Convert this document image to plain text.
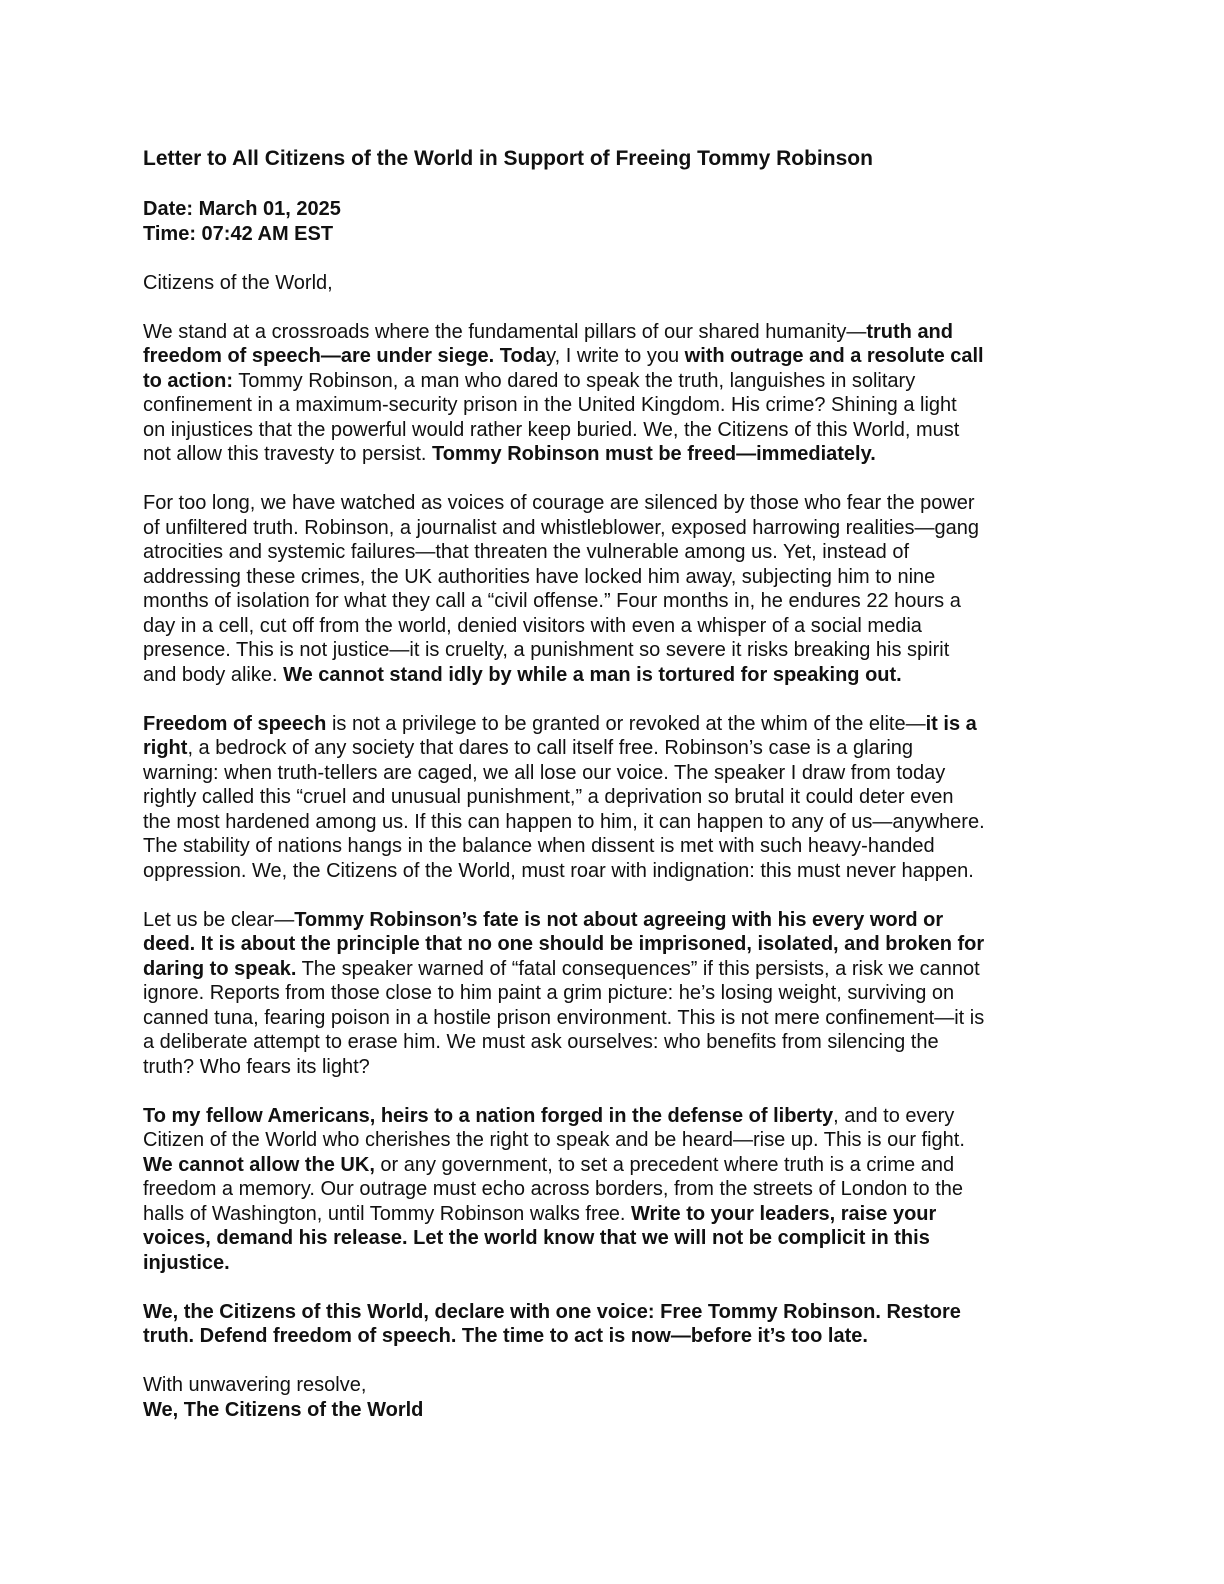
Letter to All Citizens of the World in Support of Freeing Tommy Robinson
Date: March 01, 2025
Time: 07:42 AM EST
Citizens of the World,
We stand at a crossroads where the fundamental pillars of our shared humanity—truth and
freedom of speech—are under siege. Today, I write to you with outrage and a resolute call
to action: Tommy Robinson, a man who dared to speak the truth, languishes in solitary
confinement in a maximum-security prison in the United Kingdom. His crime? Shining a light
on injustices that the powerful would rather keep buried. We, the Citizens of this World, must
not allow this travesty to persist. Tommy Robinson must be freed—immediately.
For too long, we have watched as voices of courage are silenced by those who fear the power
of unfiltered truth. Robinson, a journalist and whistleblower, exposed harrowing realities—gang
atrocities and systemic failures—that threaten the vulnerable among us. Yet, instead of
addressing these crimes, the UK authorities have locked him away, subjecting him to nine
months of isolation for what they call a “civil offense.” Four months in, he endures 22 hours a
day in a cell, cut off from the world, denied visitors with even a whisper of a social media
presence. This is not justice—it is cruelty, a punishment so severe it risks breaking his spirit
and body alike. We cannot stand idly by while a man is tortured for speaking out.
Freedom of speech is not a privilege to be granted or revoked at the whim of the elite—it is a
right, a bedrock of any society that dares to call itself free. Robinson’s case is a glaring
warning: when truth-tellers are caged, we all lose our voice. The speaker I draw from today
rightly called this “cruel and unusual punishment,” a deprivation so brutal it could deter even
the most hardened among us. If this can happen to him, it can happen to any of us—anywhere.
The stability of nations hangs in the balance when dissent is met with such heavy-handed
oppression. We, the Citizens of the World, must roar with indignation: this must never happen.
Let us be clear—Tommy Robinson’s fate is not about agreeing with his every word or
deed. It is about the principle that no one should be imprisoned, isolated, and broken for
daring to speak. The speaker warned of “fatal consequences” if this persists, a risk we cannot
ignore. Reports from those close to him paint a grim picture: he’s losing weight, surviving on
canned tuna, fearing poison in a hostile prison environment. This is not mere confinement—it is
a deliberate attempt to erase him. We must ask ourselves: who benefits from silencing the
truth? Who fears its light?
To my fellow Americans, heirs to a nation forged in the defense of liberty, and to every
Citizen of the World who cherishes the right to speak and be heard—rise up. This is our fight.
We cannot allow the UK, or any government, to set a precedent where truth is a crime and
freedom a memory. Our outrage must echo across borders, from the streets of London to the
halls of Washington, until Tommy Robinson walks free. Write to your leaders, raise your
voices, demand his release. Let the world know that we will not be complicit in this
injustice.
We, the Citizens of this World, declare with one voice: Free Tommy Robinson. Restore
truth. Defend freedom of speech. The time to act is now—before it’s too late.
With unwavering resolve,
We, The Citizens of the World
